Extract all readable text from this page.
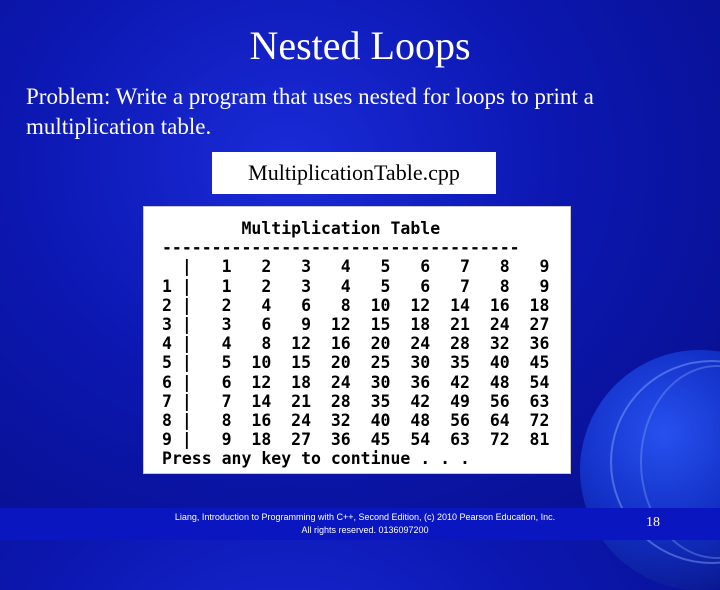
Nested Loops
Problem: Write a program that uses nested for loops to print a multiplication table.
MultiplicationTable.cpp
Multiplication Table
------------------------------------
|   1   2   3   4   5   6   7   8   9
1 |   1   2   3   4   5   6   7   8   9
2 |   2   4   6   8  10  12  14  16  18
3 |   3   6   9  12  15  18  21  24  27
4 |   4   8  12  16  20  24  28  32  36
5 |   5  10  15  20  25  30  35  40  45
6 |   6  12  18  24  30  36  42  48  54
7 |   7  14  21  28  35  42  49  56  63
8 |   8  16  24  32  40  48  56  64  72
9 |   9  18  27  36  45  54  63  72  81
Press any key to continue . . .
Liang, Introduction to Programming with C++, Second Edition, (c) 2010 Pearson Education, Inc.
All rights reserved. 0136097200	18
